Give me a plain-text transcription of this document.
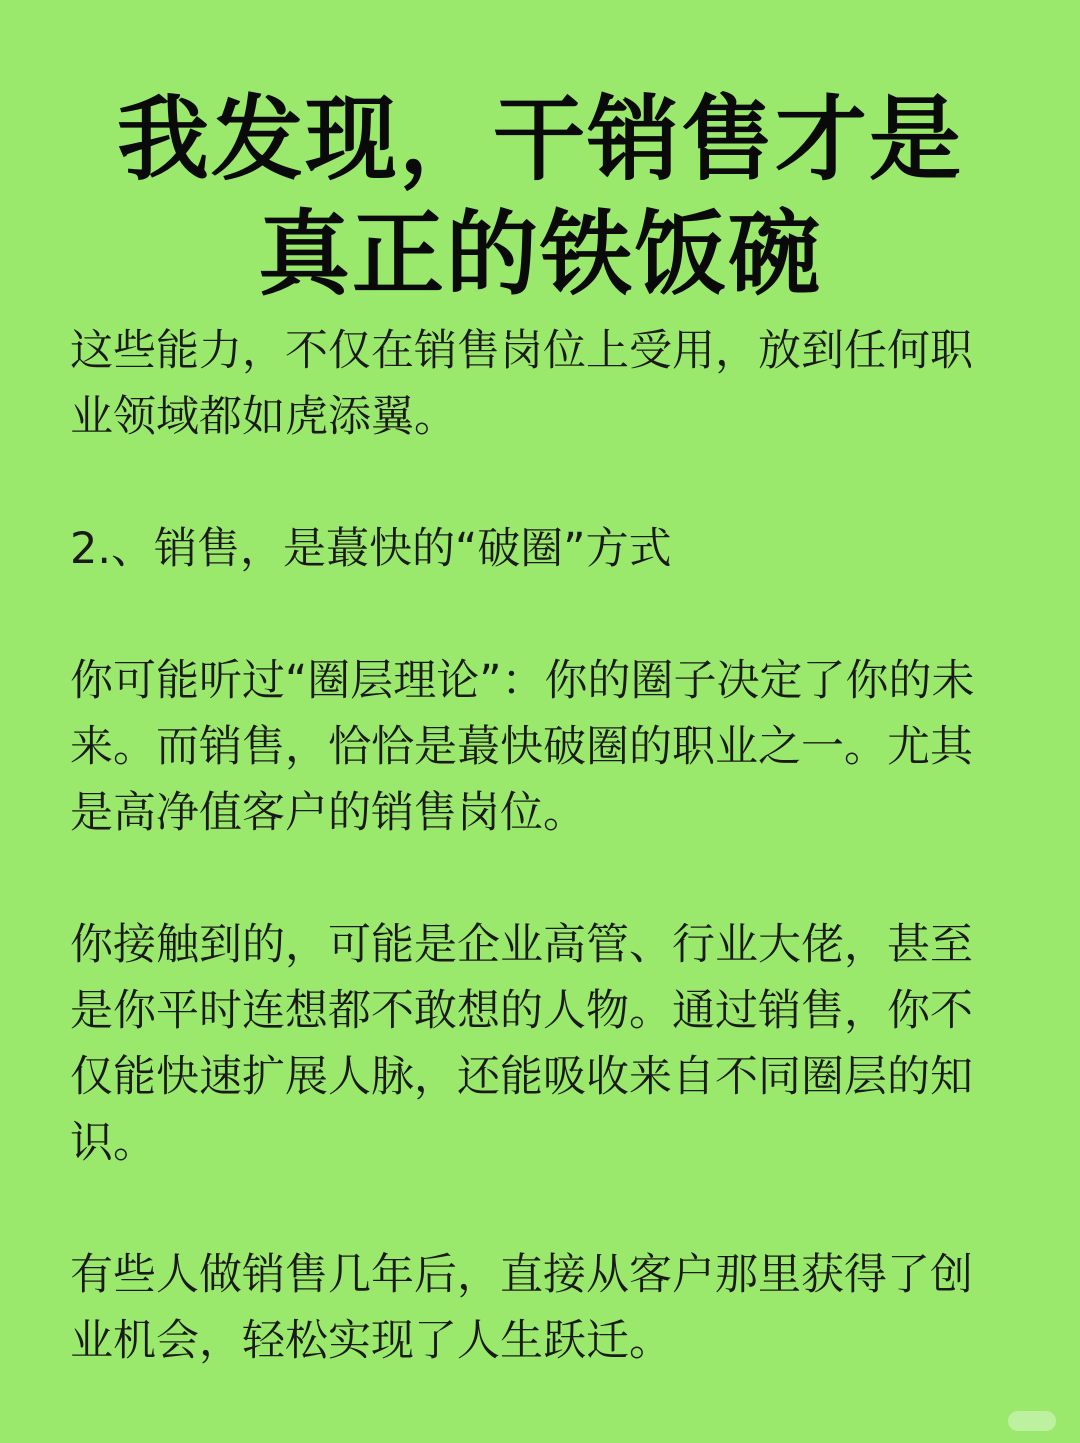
我发现，干销售才是
真正的铁饭碗

这些能力，不仅在销售岗位上受用，放到任何职业领域都如虎添翼。

2.、销售，是蕞快的“破圈”方式

你可能听过“圈层理论”：你的圈子决定了你的未来。而销售，恰恰是蕞快破圈的职业之一。尤其是高净值客户的销售岗位。

你接触到的，可能是企业高管、行业大佬，甚至是你平时连想都不敢想的人物。通过销售，你不仅能快速扩展人脉，还能吸收来自不同圈层的知识。

有些人做销售几年后，直接从客户那里获得了创业机会，轻松实现了人生跃迁。
